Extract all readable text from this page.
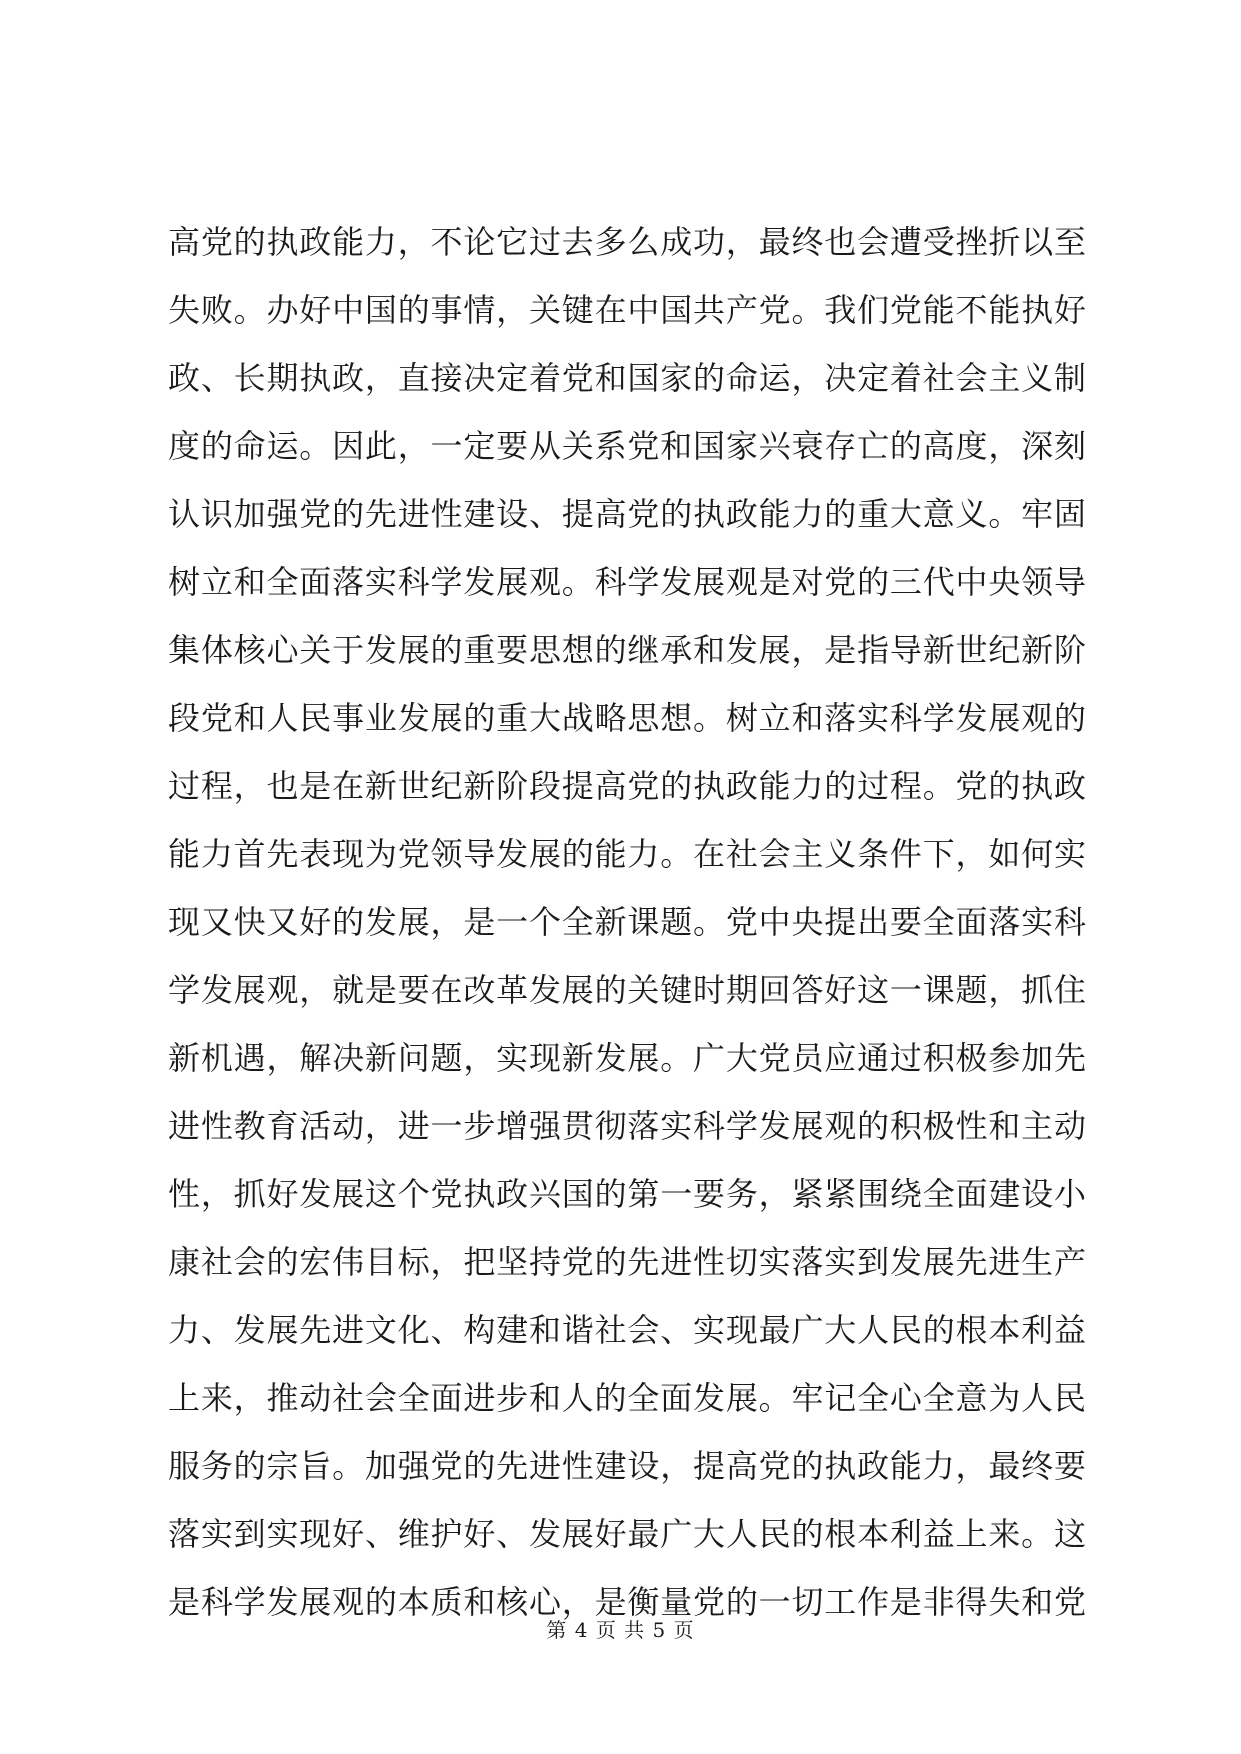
高党的执政能力，不论它过去多么成功，最终也会遭受挫折以至
失败。办好中国的事情，关键在中国共产党。我们党能不能执好
政、长期执政，直接决定着党和国家的命运，决定着社会主义制
度的命运。因此，一定要从关系党和国家兴衰存亡的高度，深刻
认识加强党的先进性建设、提高党的执政能力的重大意义。牢固
树立和全面落实科学发展观。科学发展观是对党的三代中央领导
集体核心关于发展的重要思想的继承和发展，是指导新世纪新阶
段党和人民事业发展的重大战略思想。树立和落实科学发展观的
过程，也是在新世纪新阶段提高党的执政能力的过程。党的执政
能力首先表现为党领导发展的能力。在社会主义条件下，如何实
现又快又好的发展，是一个全新课题。党中央提出要全面落实科
学发展观，就是要在改革发展的关键时期回答好这一课题，抓住
新机遇，解决新问题，实现新发展。广大党员应通过积极参加先
进性教育活动，进一步增强贯彻落实科学发展观的积极性和主动
性，抓好发展这个党执政兴国的第一要务，紧紧围绕全面建设小
康社会的宏伟目标，把坚持党的先进性切实落实到发展先进生产
力、发展先进文化、构建和谐社会、实现最广大人民的根本利益
上来，推动社会全面进步和人的全面发展。牢记全心全意为人民
服务的宗旨。加强党的先进性建设，提高党的执政能力，最终要
落实到实现好、维护好、发展好最广大人民的根本利益上来。这
是科学发展观的本质和核心，是衡量党的一切工作是非得失和党
第 4 页 共 5 页
